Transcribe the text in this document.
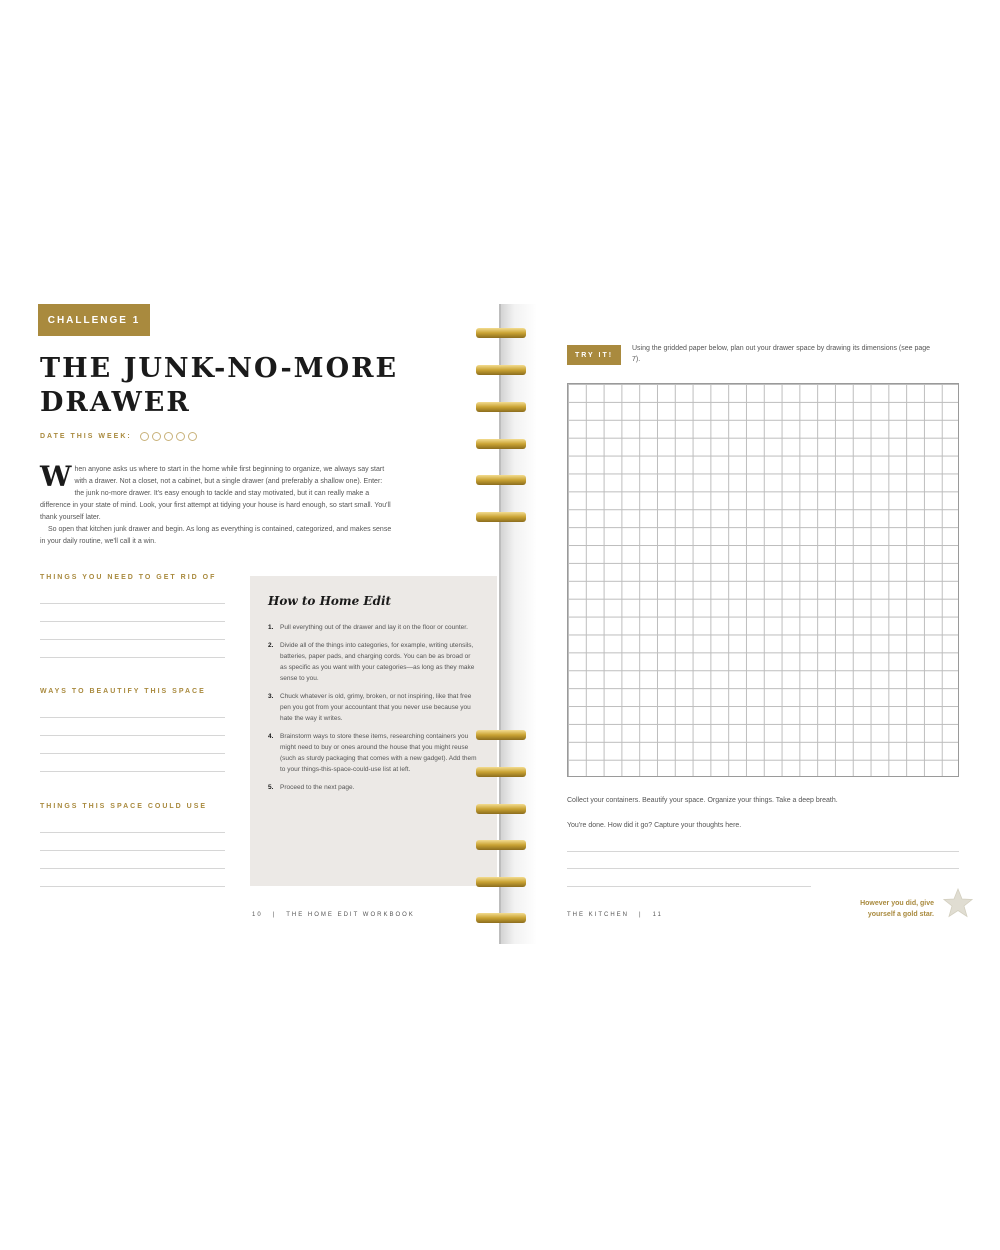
CHALLENGE 1
THE JUNK-NO-MORE
DRAWER
DATE THIS WEEK:
W hen anyone asks us where to start in the home while first beginning to organize, we always say start with a drawer. Not a closet, not a cabinet, but a single drawer (and preferably a shallow one). Enter: the junk no-more drawer. It's easy enough to tackle and stay motivated, but it can really make a difference in your state of mind. Look, your first attempt at tidying your house is hard enough, so start small. You'll thank yourself later.

So open that kitchen junk drawer and begin. As long as everything is contained, categorized, and makes sense in your daily routine, we'll call it a win.

THINGS YOU NEED TO GET RID OF
WAYS TO BEAUTIFY THIS SPACE
THINGS THIS SPACE COULD USE
How to Home Edit
1.	Pull everything out of the drawer and lay it on the floor or counter.
2.	Divide all of the things into categories, for example, writing utensils, batteries, paper pads, and charging cords. You can be as broad or as specific as you want with your categories—as long as they make sense to you.
3.	Chuck whatever is old, grimy, broken, or not inspiring, like that free pen you got from your accountant that you never use because you hate the way it writes.
4.	Brainstorm ways to store these items, researching containers you might need to buy or ones around the house that you might reuse (such as sturdy packaging that comes with a new gadget). Add them to your things-this-space-could-use list at left.
5.	Proceed to the next page.
10 | THE HOME EDIT WORKBOOK
TRY IT!
Using the gridded paper below, plan out your drawer space by drawing its dimensions (see page 7).
Collect your containers. Beautify your space. Organize your things. Take a deep breath.
You're done. How did it go? Capture your thoughts here.
THE KITCHEN | 11
However you did, give yourself a gold star.
